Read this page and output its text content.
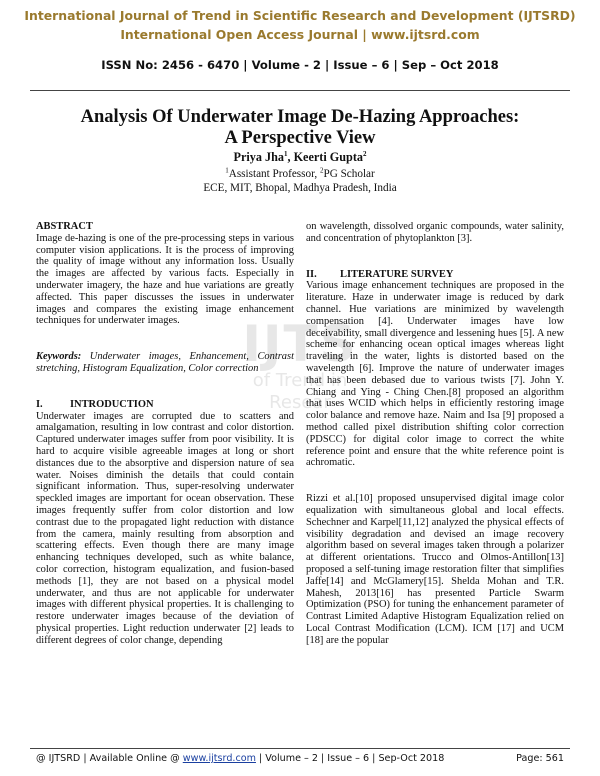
International Journal of Trend in Scientific Research and Development (IJTSRD)
International Open Access Journal | www.ijtsrd.com
ISSN No: 2456 - 6470 | Volume - 2 | Issue – 6 | Sep – Oct 2018
IJTS
of Trend in
Resear
Analysis Of Underwater Image De-Hazing Approaches:
A Perspective View
Priya Jha$^1$, Keerti Gupta$^2$
$^1$Assistant Professor, $^2$PG Scholar
ECE, MIT, Bhopal, Madhya Pradesh, India

ABSTRACT

Image de-hazing is one of the pre-processing steps in various computer vision applications. It is the process of improving the quality of image without any information loss. Usually the images are affected by various facts. Especially in underwater imagery, the haze and hue variations are greatly affected. This paper discusses the issues in underwater images and compares the existing image enhancement techniques for underwater images.

Keywords: Underwater images, Enhancement, Contrast stretching, Histogram Equalization, Color correction

I.	INTRODUCTION

Underwater images are corrupted due to scatters and amalgamation, resulting in low contrast and color distortion. Captured underwater images suffer from poor visibility. It is hard to acquire visible agreeable images at long or short distances due to the absorptive and dispersion nature of sea water. Noises diminish the details that could contain significant information. Thus, super-resolving underwater speckled images are important for ocean observation. These images frequently suffer from color distortion and low contrast due to the propagated light reduction with distance from the camera, mainly resulting from absorption and scattering effects. Even though there are many image enhancing techniques developed, such as white balance, color correction, histogram equalization, and fusion-based methods [1], they are not based on a physical model underwater, and thus are not applicable for underwater images with different physical properties. It is challenging to restore underwater images because of the deviation of physical properties. Light reduction underwater [2] leads to different degrees of color change, depending

on wavelength, dissolved organic compounds, water salinity, and concentration of phytoplankton [3].

II. LITERATURE SURVEY

Various image enhancement techniques are proposed in the literature. Haze in underwater image is reduced by dark channel. Hue variations are minimized by wavelength compensation [4]. Underwater images have low deceivability, small divergence and lessening hues [5]. A new scheme for enhancing ocean optical images whereas light traveling in the water, lights is distorted based on the wavelength [6]. Improve the nature of underwater images that has been debased due to various twists [7]. John Y. Chiang and Ying - Ching Chen.[8] proposed an algorithm that uses WCID which helps in efficiently restoring image color balance and remove haze. Naim and Isa [9] proposed a method called pixel distribution shifting color correction (PDSCC) for digital color image to correct the white reference point and ensure that the white reference point is achromatic.

Rizzi et al.[10] proposed unsupervised digital image color equalization with simultaneous global and local effects. Schechner and Karpel[11,12] analyzed the physical effects of visibility degradation and devised an image recovery algorithm based on several images taken through a polarizer at different orientations. Trucco and Olmos-Antillon[13] proposed a self-tuning image restoration filter that simplifies Jaffe[14] and McGlamery[15]. Shelda Mohan and T.R. Mahesh, 2013[16] has presented Particle Swarm Optimization (PSO) for tuning the enhancement parameter of Contrast Limited Adaptive Histogram Equalization relied on Local Contrast Modification (LCM). ICM [17] and UCM [18] are the popular

@ IJTSRD | Available Online @ www.ijtsrd.com | Volume – 2 | Issue – 6 | Sep-Oct 2018	Page: 561
